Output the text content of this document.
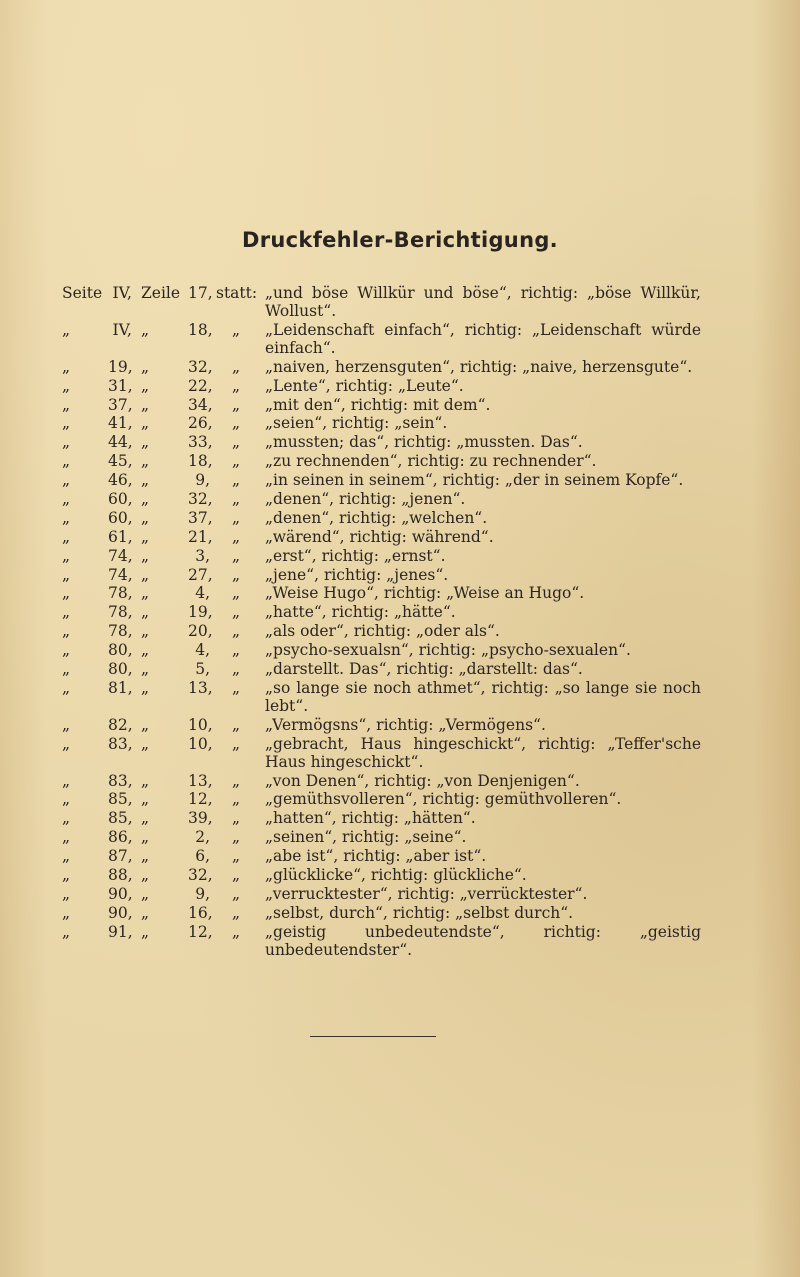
Druckfehler-Berichtigung.
Seite IV, Zeile 17, statt: „und böse Willkür und böse“, richtig: „böse Willkür, Wollust“.
„	IV, „	18, „ „Leidenschaft einfach“, richtig: „Leidenschaft würde einfach“.
„ 19, „	32, „ „naiven, herzensguten“, richtig: „naive, herzensgute“.
„ 31, „	22, „ „Lente“, richtig: „Leute“.
„ 37, „	34, „ „mit den“, richtig: mit dem“.
„ 41, „	26, „ „seien“, richtig: „sein“.
„ 44, „	33, „ „mussten; das“, richtig: „mussten. Das“.
„ 45, „	18, „ „zu rechnenden“, richtig: zu rechnender“.
„ 46, „	9, „ „in seinen in seinem“, richtig: „der in seinem Kopfe“.
„ 60, „	32, „ „denen“, richtig: „jenen“.
„ 60, „	37, „ „denen“, richtig: „welchen“.
„ 61, „	21, „ „wärend“, richtig: während“.
„ 74, „	3, „ „erst“, richtig: „ernst“.
„ 74, „	27, „ „jene“, richtig: „jenes“.
„ 78, „	4, „ „Weise Hugo“, richtig: „Weise an Hugo“.
„ 78, „	19, „ „hatte“, richtig: „hätte“.
„ 78, „	20, „ „als oder“, richtig: „oder als“.
„ 80, „	4, „ „psycho-sexualsn“, richtig: „psycho-sexualen“.
„ 80, „	5, „ „darstellt. Das“, richtig: „darstellt: das“.
„ 81, „	13, „ „so lange sie noch athmet“, richtig: „so lange sie noch lebt“.
„ 82, „	10, „ „Vermögsns“, richtig: „Vermögens“.
„ 83, „	10, „ „gebracht, Haus hingeschickt“, richtig: „Teffer'sche Haus hingeschickt“.
„ 83, „	13, „ „von Denen“, richtig: „von Denjenigen“.
„ 85, „	12, „ „gemüthsvolleren“, richtig: gemüthvolleren“.
„ 85, „	39, „ „hatten“, richtig: „hätten“.
„ 86, „	2, „ „seinen“, richtig: „seine“.
„ 87, „	6, „ „abe ist“, richtig: „aber ist“.
„ 88, „	32, „ „glücklicke“, richtig: glückliche“.
„ 90, „	9, „ „verrucktester“, richtig: „verrücktester“.
„ 90, „	16, „ „selbst, durch“, richtig: „selbst durch“.
„ 91, „	12, „ „geistig unbedeutendste“, richtig: „geistig unbedeutendster“.
